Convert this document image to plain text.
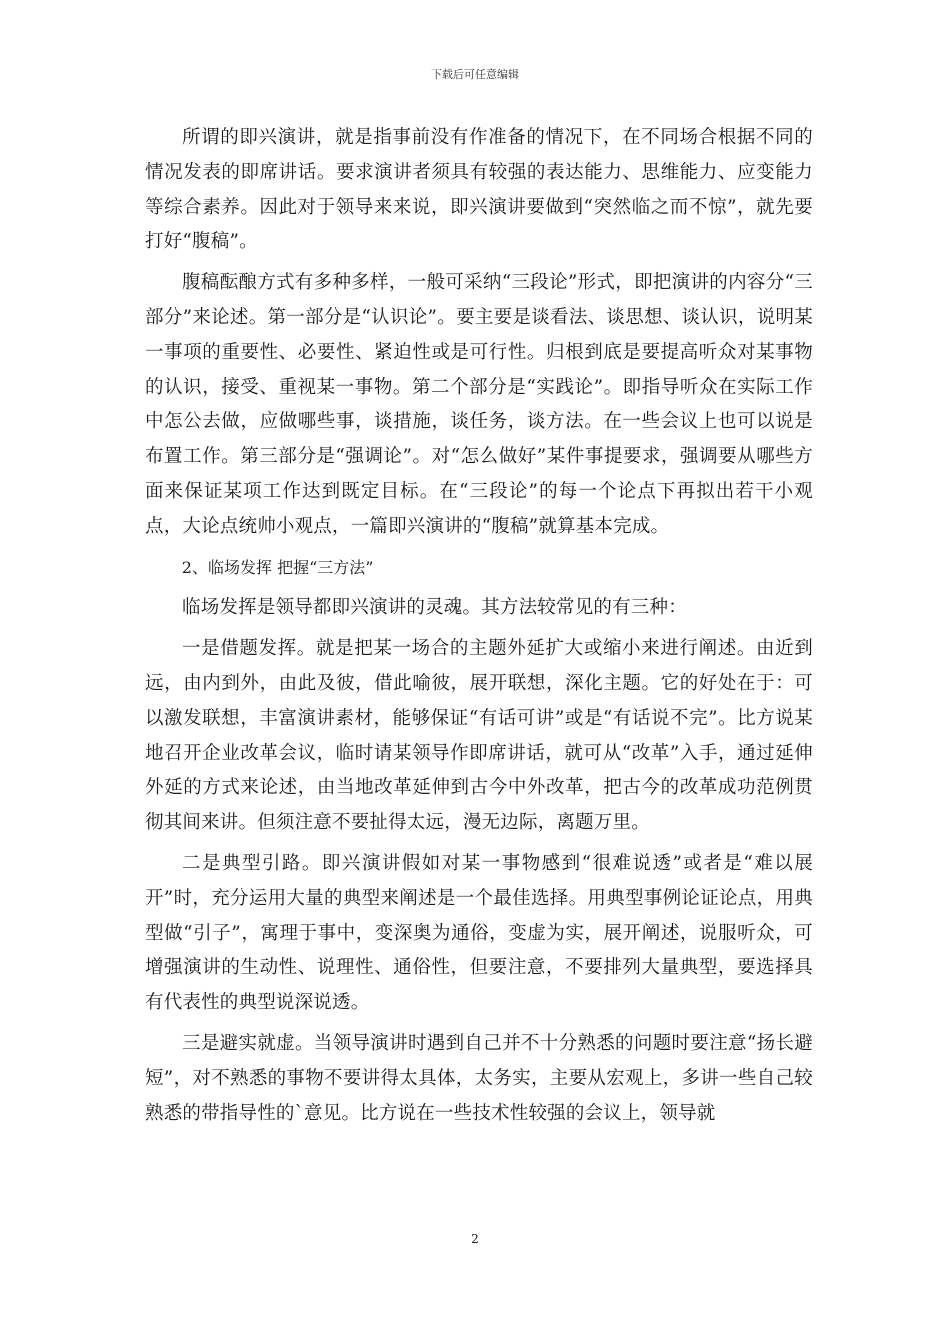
下载后可任意编辑

所谓的即兴演讲，就是指事前没有作准备的情况下，在不同场合根据不同的情况发表的即席讲话。要求演讲者须具有较强的表达能力、思维能力、应变能力等综合素养。因此对于领导来来说，即兴演讲要做到“突然临之而不惊”，就先要打好“腹稿”。

腹稿酝酿方式有多种多样，一般可采纳“三段论”形式，即把演讲的内容分“三部分”来论述。第一部分是“认识论”。要主要是谈看法、谈思想、谈认识，说明某一事项的重要性、必要性、紧迫性或是可行性。归根到底是要提高听众对某事物的认识，接受、重视某一事物。第二个部分是“实践论”。即指导听众在实际工作中怎公去做，应做哪些事，谈措施，谈任务，谈方法。在一些会议上也可以说是布置工作。第三部分是“强调论”。对“怎么做好”某件事提要求，强调要从哪些方面来保证某项工作达到既定目标。在“三段论”的每一个论点下再拟出若干小观点，大论点统帅小观点，一篇即兴演讲的“腹稿”就算基本完成。

2、临场发挥 把握“三方法”

临场发挥是领导都即兴演讲的灵魂。其方法较常见的有三种：

一是借题发挥。就是把某一场合的主题外延扩大或缩小来进行阐述。由近到远，由内到外，由此及彼，借此喻彼，展开联想，深化主题。它的好处在于：可以激发联想，丰富演讲素材，能够保证“有话可讲”或是“有话说不完”。比方说某地召开企业改革会议，临时请某领导作即席讲话，就可从“改革”入手，通过延伸外延的方式来论述，由当地改革延伸到古今中外改革，把古今的改革成功范例贯彻其间来讲。但须注意不要扯得太远，漫无边际，离题万里。

二是典型引路。即兴演讲假如对某一事物感到“很难说透”或者是“难以展开”时，充分运用大量的典型来阐述是一个最佳选择。用典型事例论证论点，用典型做“引子”，寓理于事中，变深奥为通俗，变虚为实，展开阐述，说服听众，可增强演讲的生动性、说理性、通俗性，但要注意，不要排列大量典型，要选择具有代表性的典型说深说透。

三是避实就虚。当领导演讲时遇到自己并不十分熟悉的问题时要注意“扬长避短”，对不熟悉的事物不要讲得太具体，太务实，主要从宏观上，多讲一些自己较熟悉的带指导性的`意见。比方说在一些技术性较强的会议上，领导就

2
